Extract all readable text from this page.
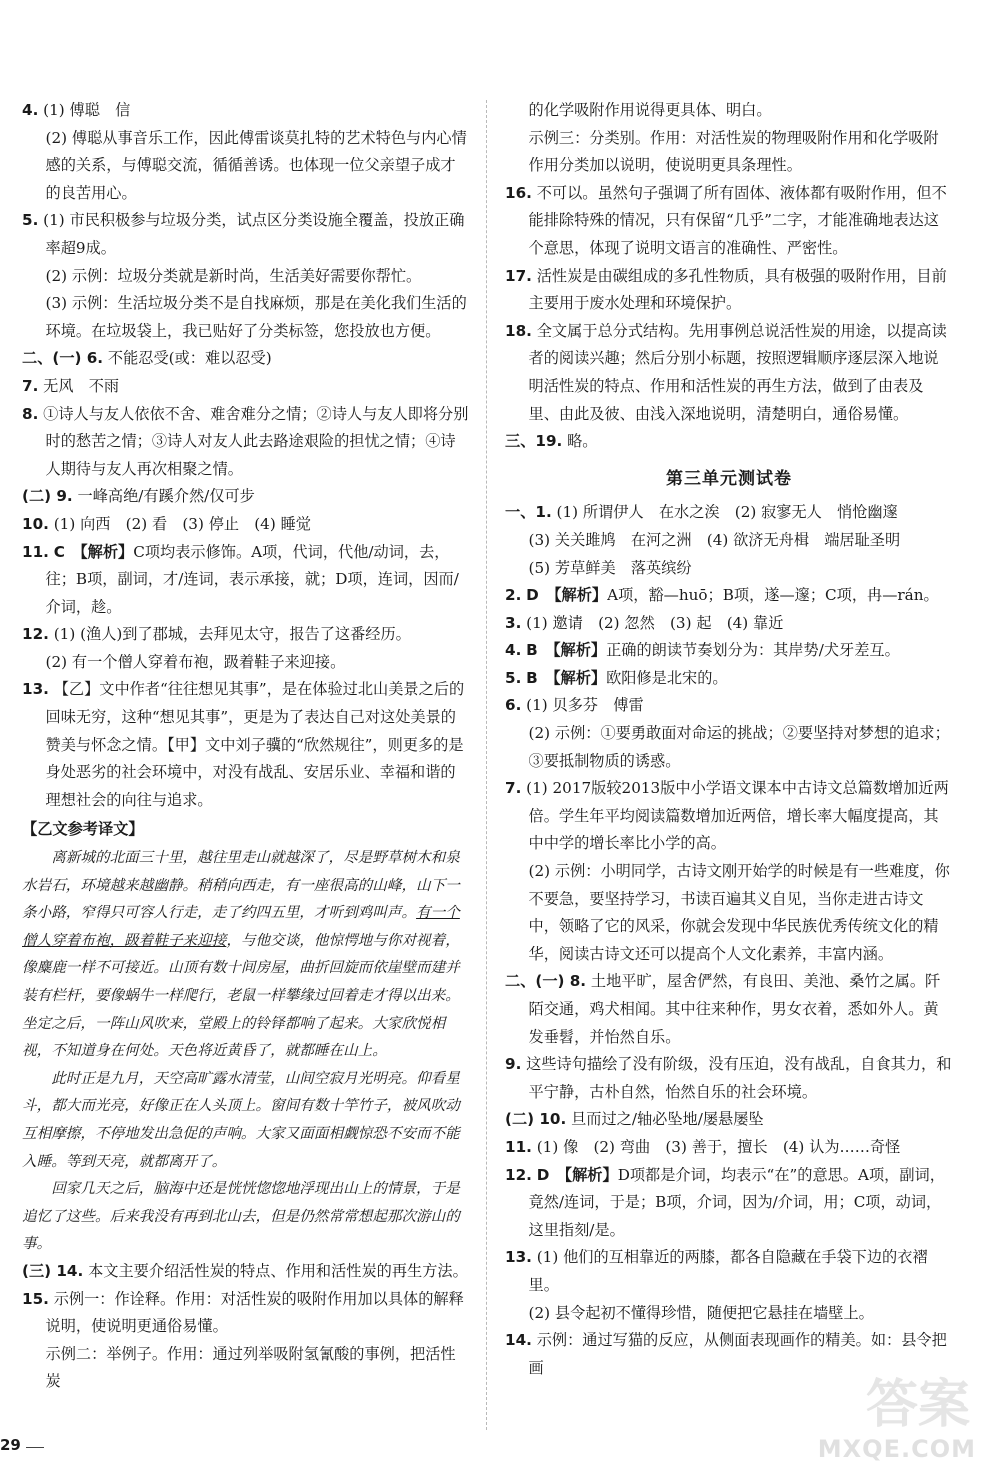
4. (1) 傅聪　信
(2) 傅聪从事音乐工作，因此傅雷谈莫扎特的艺术特色与内心情感的关系，与傅聪交流，循循善诱。也体现一位父亲望子成才的良苦用心。
5. (1) 市民积极参与垃圾分类，试点区分类设施全覆盖，投放正确率超9成。
(2) 示例：垃圾分类就是新时尚，生活美好需要你帮忙。
(3) 示例：生活垃圾分类不是自找麻烦，那是在美化我们生活的环境。在垃圾袋上，我已贴好了分类标签，您投放也方便。
二、(一) 6. 不能忍受(或：难以忍受)
7. 无风　不雨
8. ①诗人与友人依依不舍、难舍难分之情；②诗人与友人即将分别时的愁苦之情；③诗人对友人此去路途艰险的担忧之情；④诗人期待与友人再次相聚之情。
(二) 9. 一峰高绝/有蹊介然/仅可步
10. (1) 向西　(2) 看　(3) 停止　(4) 睡觉
11. C　【解析】C项均表示修饰。A项，代词，代他/动词，去，往；B项，副词，才/连词，表示承接，就；D项，连词，因而/介词，趁。
12. (1) (渔人)到了郡城，去拜见太守，报告了这番经历。
(2) 有一个僧人穿着布袍，趿着鞋子来迎接。
13. 【乙】文中作者“往往想见其事”，是在体验过北山美景之后的回味无穷，这种“想见其事”，更是为了表达自己对这处美景的赞美与怀念之情。【甲】文中刘子骥的“欣然规往”，则更多的是身处恶劣的社会环境中，对没有战乱、安居乐业、幸福和谐的理想社会的向往与追求。
【乙文参考译文】
离新城的北面三十里，越往里走山就越深了，尽是野草树木和泉水岩石，环境越来越幽静。稍稍向西走，有一座很高的山峰，山下一条小路，窄得只可容人行走，走了约四五里，才听到鸡叫声。有一个僧人穿着布袍，趿着鞋子来迎接，与他交谈，他惊愕地与你对视着，像麋鹿一样不可接近。山顶有数十间房屋，曲折回旋而依崖壁而建并装有栏杆，要像蜗牛一样爬行，老鼠一样攀缘过回着走才得以出来。坐定之后，一阵山风吹来，堂殿上的铃铎都响了起来。大家欣悦相视，不知道身在何处。天色将近黄昏了，就都睡在山上。
此时正是九月，天空高旷露水清莹，山间空寂月光明亮。仰看星斗，都大而光亮，好像正在人头顶上。窗间有数十竿竹子，被风吹动互相摩擦，不停地发出急促的声响。大家又面面相觑惊恐不安而不能入睡。等到天亮，就都离开了。
回家几天之后，脑海中还是恍恍惚惚地浮现出山上的情景，于是追忆了这些。后来我没有再到北山去，但是仍然常常想起那次游山的事。
(三) 14. 本文主要介绍活性炭的特点、作用和活性炭的再生方法。
15. 示例一：作诠释。作用：对活性炭的吸附作用加以具体的解释说明，使说明更通俗易懂。
示例二：举例子。作用：通过列举吸附氢氰酸的事例，把活性炭
的化学吸附作用说得更具体、明白。
示例三：分类别。作用：对活性炭的物理吸附作用和化学吸附作用分类加以说明，使说明更具条理性。
16. 不可以。虽然句子强调了所有固体、液体都有吸附作用，但不能排除特殊的情况，只有保留“几乎”二字，才能准确地表达这个意思，体现了说明文语言的准确性、严密性。
17. 活性炭是由碳组成的多孔性物质，具有极强的吸附作用，目前主要用于废水处理和环境保护。
18. 全文属于总分式结构。先用事例总说活性炭的用途，以提高读者的阅读兴趣；然后分别小标题，按照逻辑顺序逐层深入地说明活性炭的特点、作用和活性炭的再生方法，做到了由表及里、由此及彼、由浅入深地说明，清楚明白，通俗易懂。
三、19. 略。
第三单元测试卷
一、1. (1) 所谓伊人　在水之涘　(2) 寂寥无人　悄怆幽邃
(3) 关关雎鸠　在河之洲　(4) 欲济无舟楫　端居耻圣明
(5) 芳草鲜美　落英缤纷
2. D　【解析】A项，豁—huō；B项，遂—邃；C项，冉—rán。
3. (1) 邀请　(2) 忽然　(3) 起　(4) 靠近
4. B　【解析】正确的朗读节奏划分为：其岸势/犬牙差互。
5. B　【解析】欧阳修是北宋的。
6. (1) 贝多芬　傅雷
(2) 示例：①要勇敢面对命运的挑战；②要坚持对梦想的追求；③要抵制物质的诱惑。
7. (1) 2017版较2013版中小学语文课本中古诗文总篇数增加近两倍。学生年平均阅读篇数增加近两倍，增长率大幅度提高，其中中学的增长率比小学的高。
(2) 示例：小明同学，古诗文刚开始学的时候是有一些难度，你不要急，要坚持学习，书读百遍其义自见，当你走进古诗文中，领略了它的风采，你就会发现中华民族优秀传统文化的精华，阅读古诗文还可以提高个人文化素养，丰富内涵。
二、(一) 8. 土地平旷，屋舍俨然，有良田、美池、桑竹之属。阡陌交通，鸡犬相闻。其中往来种作，男女衣着，悉如外人。黄发垂髫，并怡然自乐。
9. 这些诗句描绘了没有阶级，没有压迫，没有战乱，自食其力，和平宁静，古朴自然，怡然自乐的社会环境。
(二) 10. 旦而过之/轴必坠地/屡悬屡坠
11. (1) 像　(2) 弯曲　(3) 善于，擅长　(4) 认为……奇怪
12. D　【解析】D项都是介词，均表示“在”的意思。A项，副词，竟然/连词，于是；B项，介词，因为/介词，用；C项，动词，这里指刻/是。
13. (1) 他们的互相靠近的两膝，都各自隐藏在手袋下边的衣褶里。
(2) 县令起初不懂得珍惜，随便把它悬挂在墙壁上。
14. 示例：通过写猫的反应，从侧面表现画作的精美。如：县令把画
29
答案
MXQE.COM
